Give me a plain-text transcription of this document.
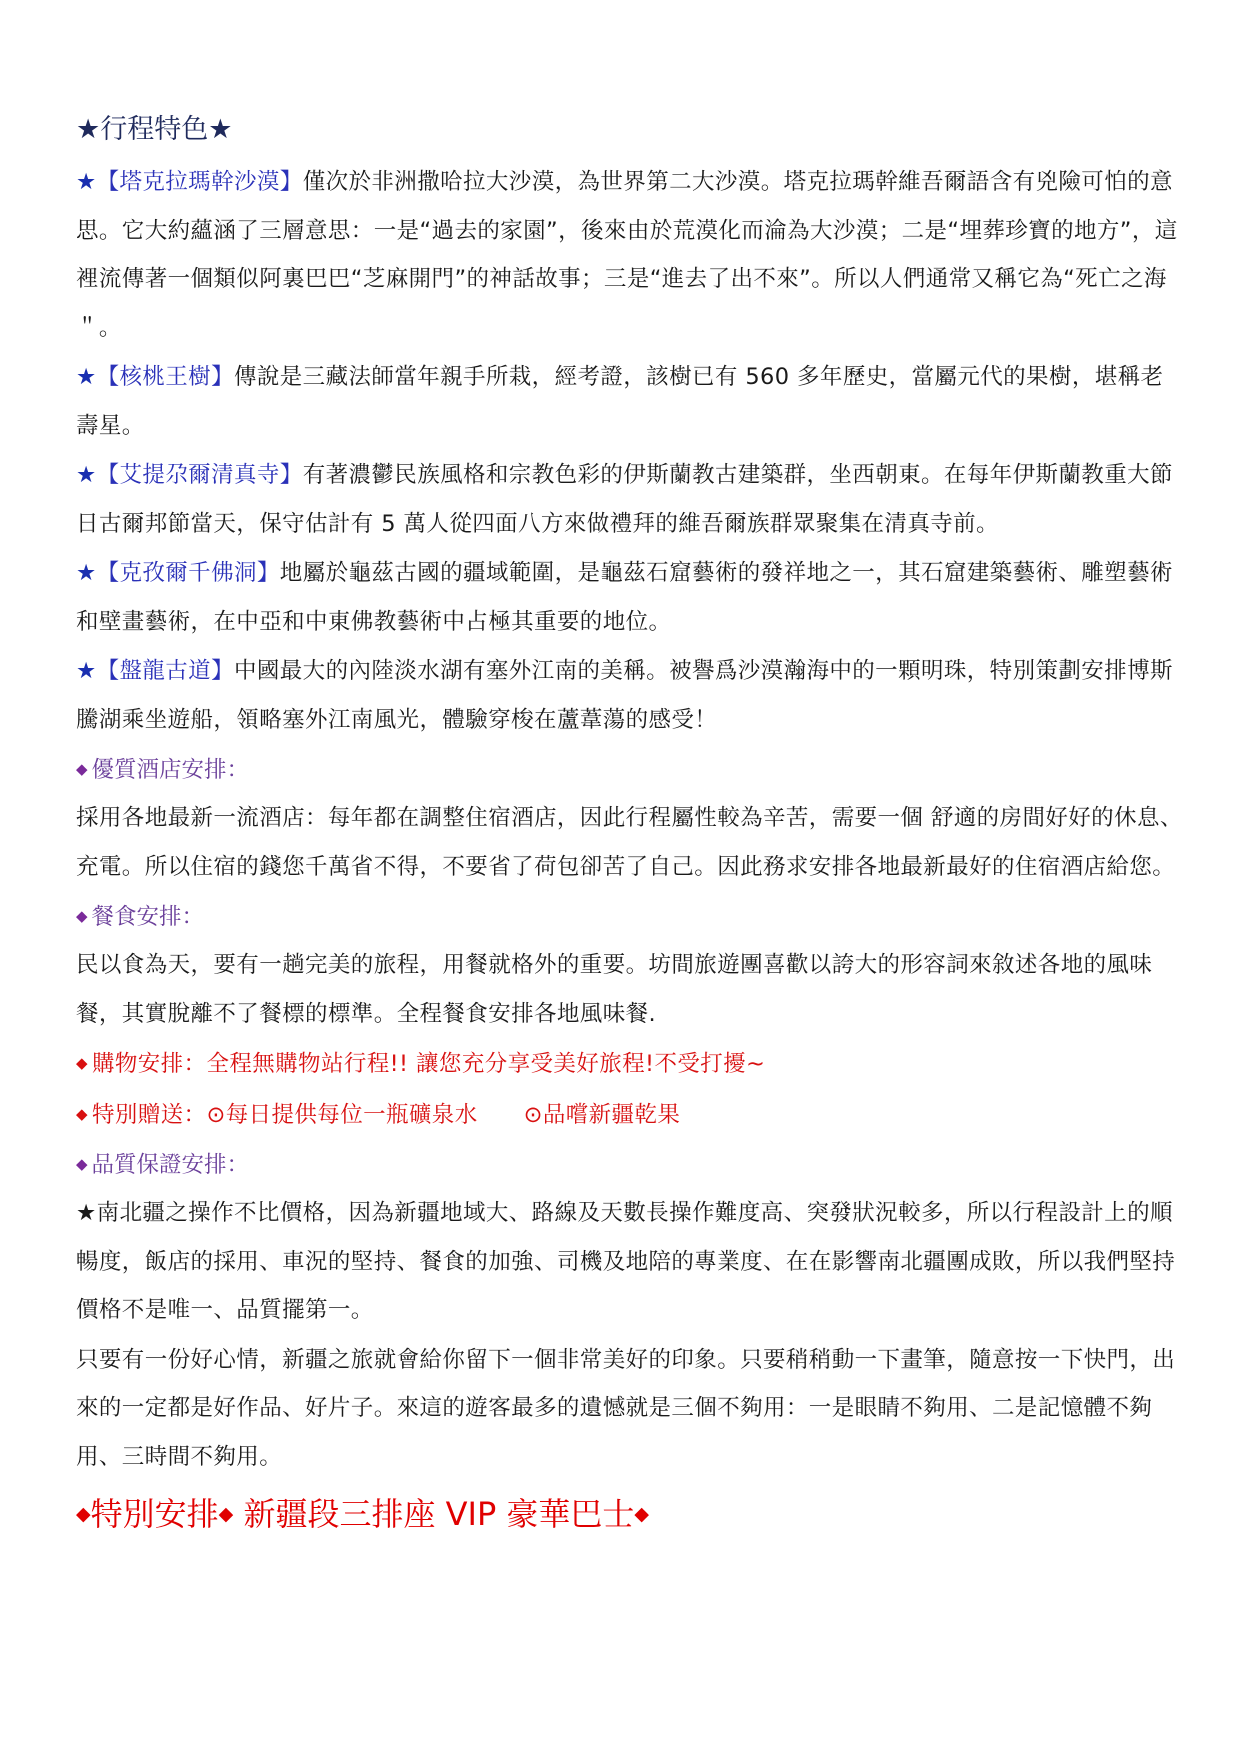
★行程特色★

★【塔克拉瑪幹沙漠】僅次於非洲撒哈拉大沙漠，為世界第二大沙漠。塔克拉瑪幹維吾爾語含有兇險可怕的意思。它大約蘊涵了三層意思：一是“過去的家園”，後來由於荒漠化而淪為大沙漠；二是“埋葬珍寶的地方”，這裡流傳著一個類似阿裏巴巴“芝麻開門”的神話故事；三是“進去了出不來”。所以人們通常又稱它為“死亡之海＂。

★【核桃王樹】傳說是三藏法師當年親手所栽，經考證，該樹已有 560 多年歷史，當屬元代的果樹，堪稱老壽星。

★【艾提尕爾清真寺】有著濃鬱民族風格和宗教色彩的伊斯蘭教古建築群，坐西朝東。在每年伊斯蘭教重大節日古爾邦節當天，保守估計有 5 萬人從四面八方來做禮拜的維吾爾族群眾聚集在清真寺前。

★【克孜爾千佛洞】地屬於龜茲古國的疆域範圍，是龜茲石窟藝術的發祥地之一，其石窟建築藝術、雕塑藝術和壁畫藝術，在中亞和中東佛教藝術中占極其重要的地位。

★【盤龍古道】中國最大的內陸淡水湖有塞外江南的美稱。被譽爲沙漠瀚海中的一顆明珠，特別策劃安排博斯騰湖乘坐遊船，領略塞外江南風光，體驗穿梭在蘆葦蕩的感受！

◆ 優質酒店安排：

採用各地最新一流酒店：每年都在調整住宿酒店，因此行程屬性較為辛苦，需要一個 舒適的房間好好的休息、充電。所以住宿的錢您千萬省不得，不要省了荷包卻苦了自己。因此務求安排各地最新最好的住宿酒店給您。

◆ 餐食安排：

民以食為天，要有一趟完美的旅程，用餐就格外的重要。坊間旅遊團喜歡以誇大的形容詞來敘述各地的風味餐，其實脫離不了餐標的標準。全程餐食安排各地風味餐.

◆ 購物安排：全程無購物站行程!! 讓您充分享受美好旅程!不受打擾~

◆ 特別贈送：⊙每日提供每位一瓶礦泉水 ⊙品嚐新疆乾果

◆ 品質保證安排：

★南北疆之操作不比價格，因為新疆地域大、路線及天數長操作難度高、突發狀況較多，所以行程設計上的順暢度，飯店的採用、車況的堅持、餐食的加強、司機及地陪的專業度、在在影響南北疆團成敗，所以我們堅持價格不是唯一、品質擺第一。

只要有一份好心情，新疆之旅就會給你留下一個非常美好的印象。只要稍稍動一下畫筆，隨意按一下快門，出來的一定都是好作品、好片子。來這的遊客最多的遺憾就是三個不夠用：一是眼睛不夠用、二是記憶體不夠用、三時間不夠用。

◆特別安排◆ 新疆段三排座 VIP 豪華巴士◆
